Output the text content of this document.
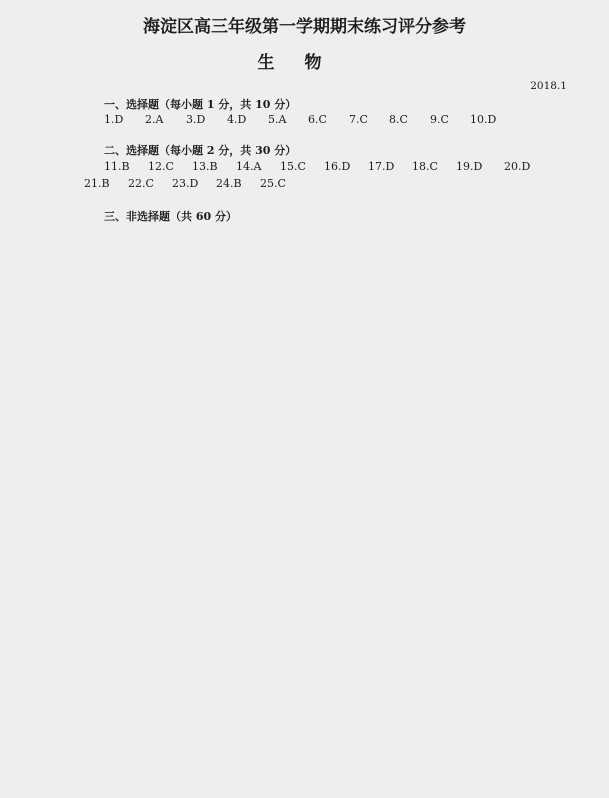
海淀区高三年级第一学期期末练习评分参考
生物
2018.1
一、选择题（每小题 1 分，共 10 分）
1.D 2.A 3.D 4.D 5.A 6.C 7.C 8.C 9.C 10.D
二、选择题（每小题 2 分，共 30 分）
11.B 12.C 13.B 14.A 15.C 16.D 17.D 18.C 19.D 20.D
21.B 22.C 23.D 24.B 25.C
三、非选择题（共 60 分）
